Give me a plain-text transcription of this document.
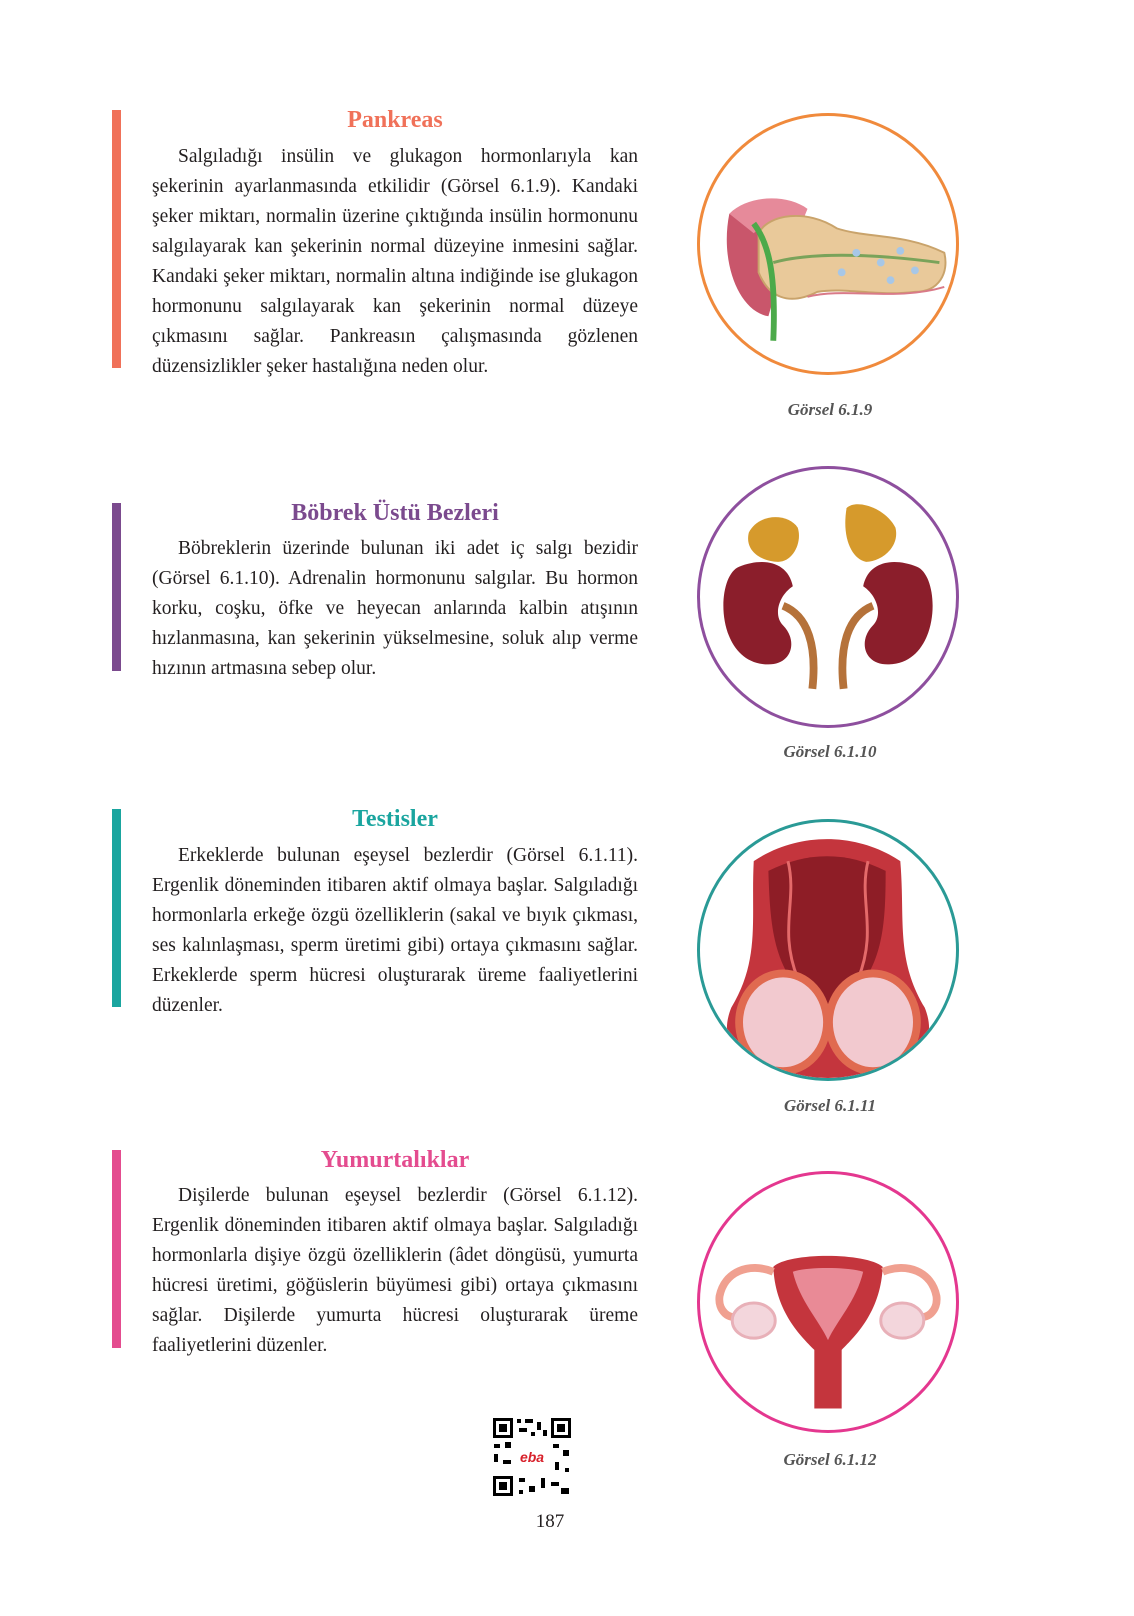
Pankreas

Salgıladığı insülin ve glukagon hormonlarıyla kan şekerinin ayarlanmasında etkilidir (Görsel 6.1.9). Kandaki şeker miktarı, normalin üzerine çıktığında insülin hormonunu salgılayarak kan şekerinin normal düzeyine inmesini sağlar. Kandaki şeker miktarı, normalin altına indiğinde ise glukagon hormonunu salgılayarak kan şekerinin normal düzeye çıkmasını sağlar. Pankreasın çalışmasında gözlenen düzensizlikler şeker hastalığına neden olur.

Görsel 6.1.9
Böbrek Üstü Bezleri

Böbreklerin üzerinde bulunan iki adet iç salgı bezidir (Görsel 6.1.10). Adrenalin hormonunu salgılar. Bu hormon korku, coşku, öfke ve heyecan anlarında kalbin atışının hızlanmasına, kan şekerinin yükselmesine, soluk alıp verme hızının artmasına sebep olur.

Görsel 6.1.10
Testisler

Erkeklerde bulunan eşeysel bezlerdir (Görsel 6.1.11). Ergenlik döneminden itibaren aktif olmaya başlar. Salgıladığı hormonlarla erkeğe özgü özelliklerin (sakal ve bıyık çıkması, ses kalınlaşması, sperm üretimi gibi) ortaya çıkmasını sağlar. Erkeklerde sperm hücresi oluşturarak üreme faaliyetlerini düzenler.

Görsel 6.1.11
Yumurtalıklar

Dişilerde bulunan eşeysel bezlerdir (Görsel 6.1.12). Ergenlik döneminden itibaren aktif olmaya başlar. Salgıladığı hormonlarla dişiye özgü özelliklerin (âdet döngüsü, yumurta hücresi üretimi, göğüslerin büyümesi gibi) ortaya çıkmasını sağlar. Dişilerde yumurta hücresi oluşturarak üreme faaliyetlerini düzenler.

Görsel 6.1.12
eba
187
